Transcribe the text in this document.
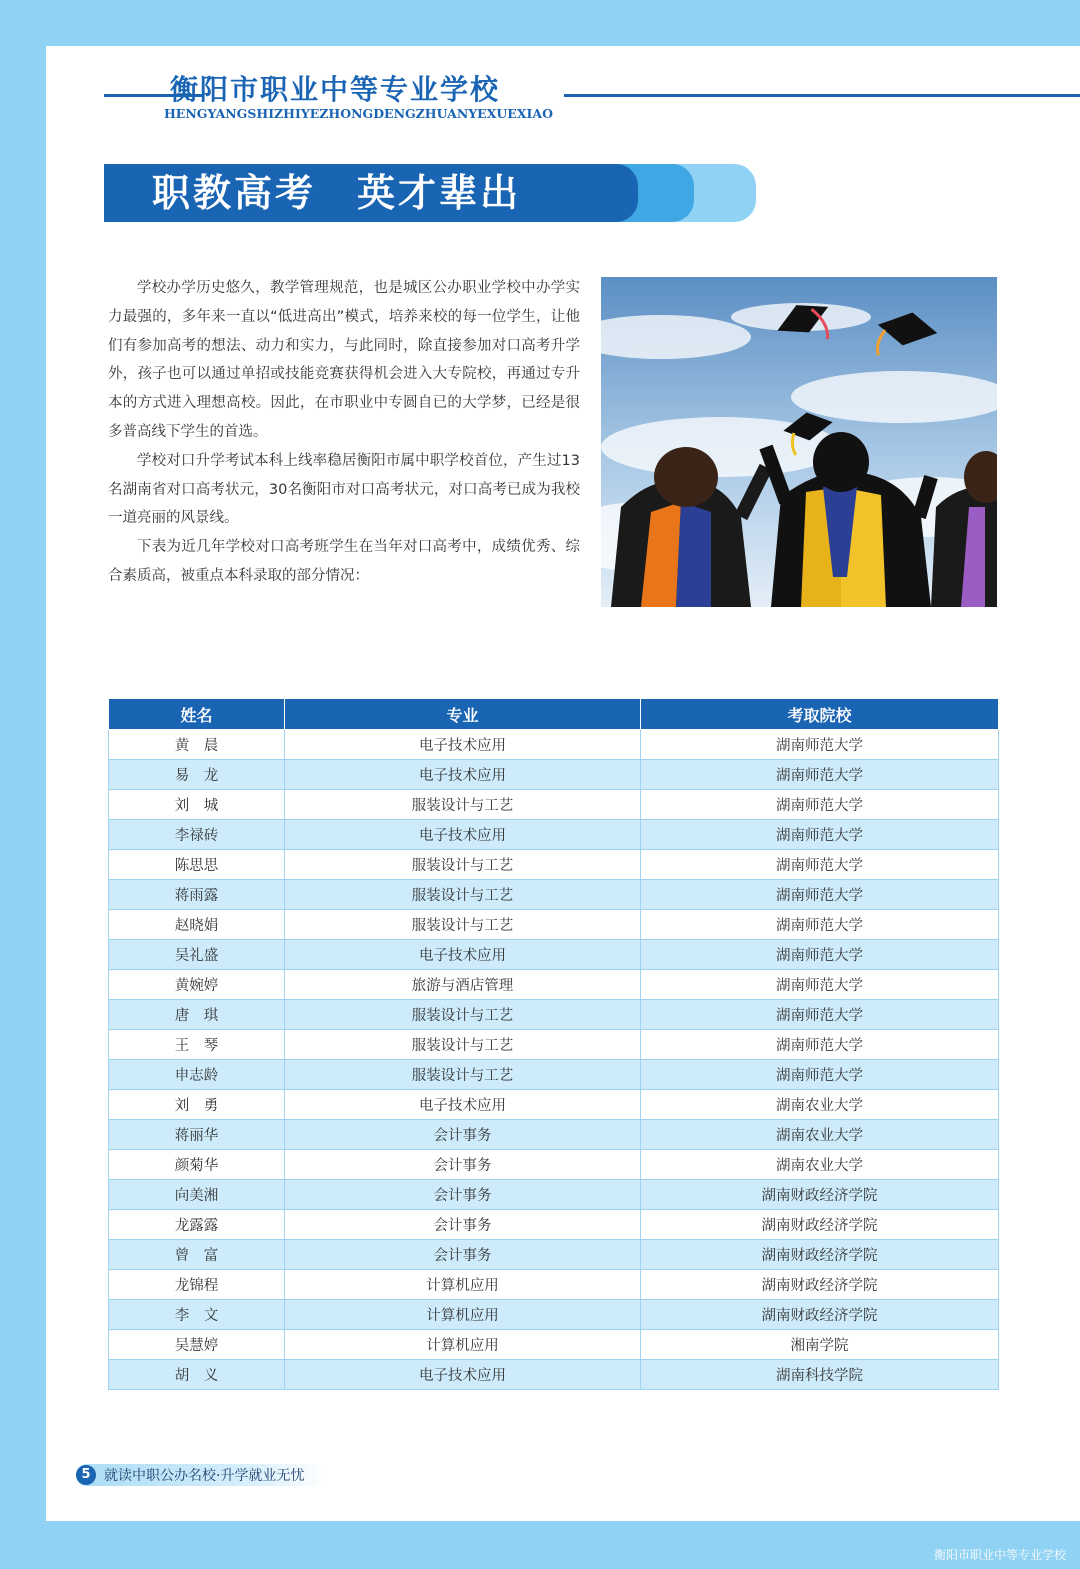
衡阳市职业中等专业学校
HENGYANGSHIZHIYEZHONGDENGZHUANYEXUEXIAO
职教高考　英才辈出

学校办学历史悠久，教学管理规范，也是城区公办职业学校中办学实力最强的，多年来一直以“低进高出”模式，培养来校的每一位学生，让他们有参加高考的想法、动力和实力，与此同时，除直接参加对口高考升学外，孩子也可以通过单招或技能竞赛获得机会进入大专院校，再通过专升本的方式进入理想高校。因此，在市职业中专圆自已的大学梦，已经是很多普高线下学生的首选。

学校对口升学考试本科上线率稳居衡阳市属中职学校首位，产生过13名湖南省对口高考状元，30名衡阳市对口高考状元，对口高考已成为我校一道亮丽的风景线。

下表为近几年学校对口高考班学生在当年对口高考中，成绩优秀、综合素质高，被重点本科录取的部分情况：

姓名	专业	考取院校
黄　晨	电子技术应用	湖南师范大学
易　龙	电子技术应用	湖南师范大学
刘　城	服装设计与工艺	湖南师范大学
李禄砖	电子技术应用	湖南师范大学
陈思思	服装设计与工艺	湖南师范大学
蒋雨露	服装设计与工艺	湖南师范大学
赵晓娟	服装设计与工艺	湖南师范大学
吴礼盛	电子技术应用	湖南师范大学
黄婉婷	旅游与酒店管理	湖南师范大学
唐　琪	服装设计与工艺	湖南师范大学
王　琴	服装设计与工艺	湖南师范大学
申志龄	服装设计与工艺	湖南师范大学
刘　勇	电子技术应用	湖南农业大学
蒋丽华	会计事务	湖南农业大学
颜菊华	会计事务	湖南农业大学
向美湘	会计事务	湖南财政经济学院
龙露露	会计事务	湖南财政经济学院
曾　富	会计事务	湖南财政经济学院
龙锦程	计算机应用	湖南财政经济学院
李　文	计算机应用	湖南财政经济学院
吴慧婷	计算机应用	湘南学院
胡　义	电子技术应用	湖南科技学院
5 就读中职公办名校·升学就业无忧
衡阳市职业中等专业学校
